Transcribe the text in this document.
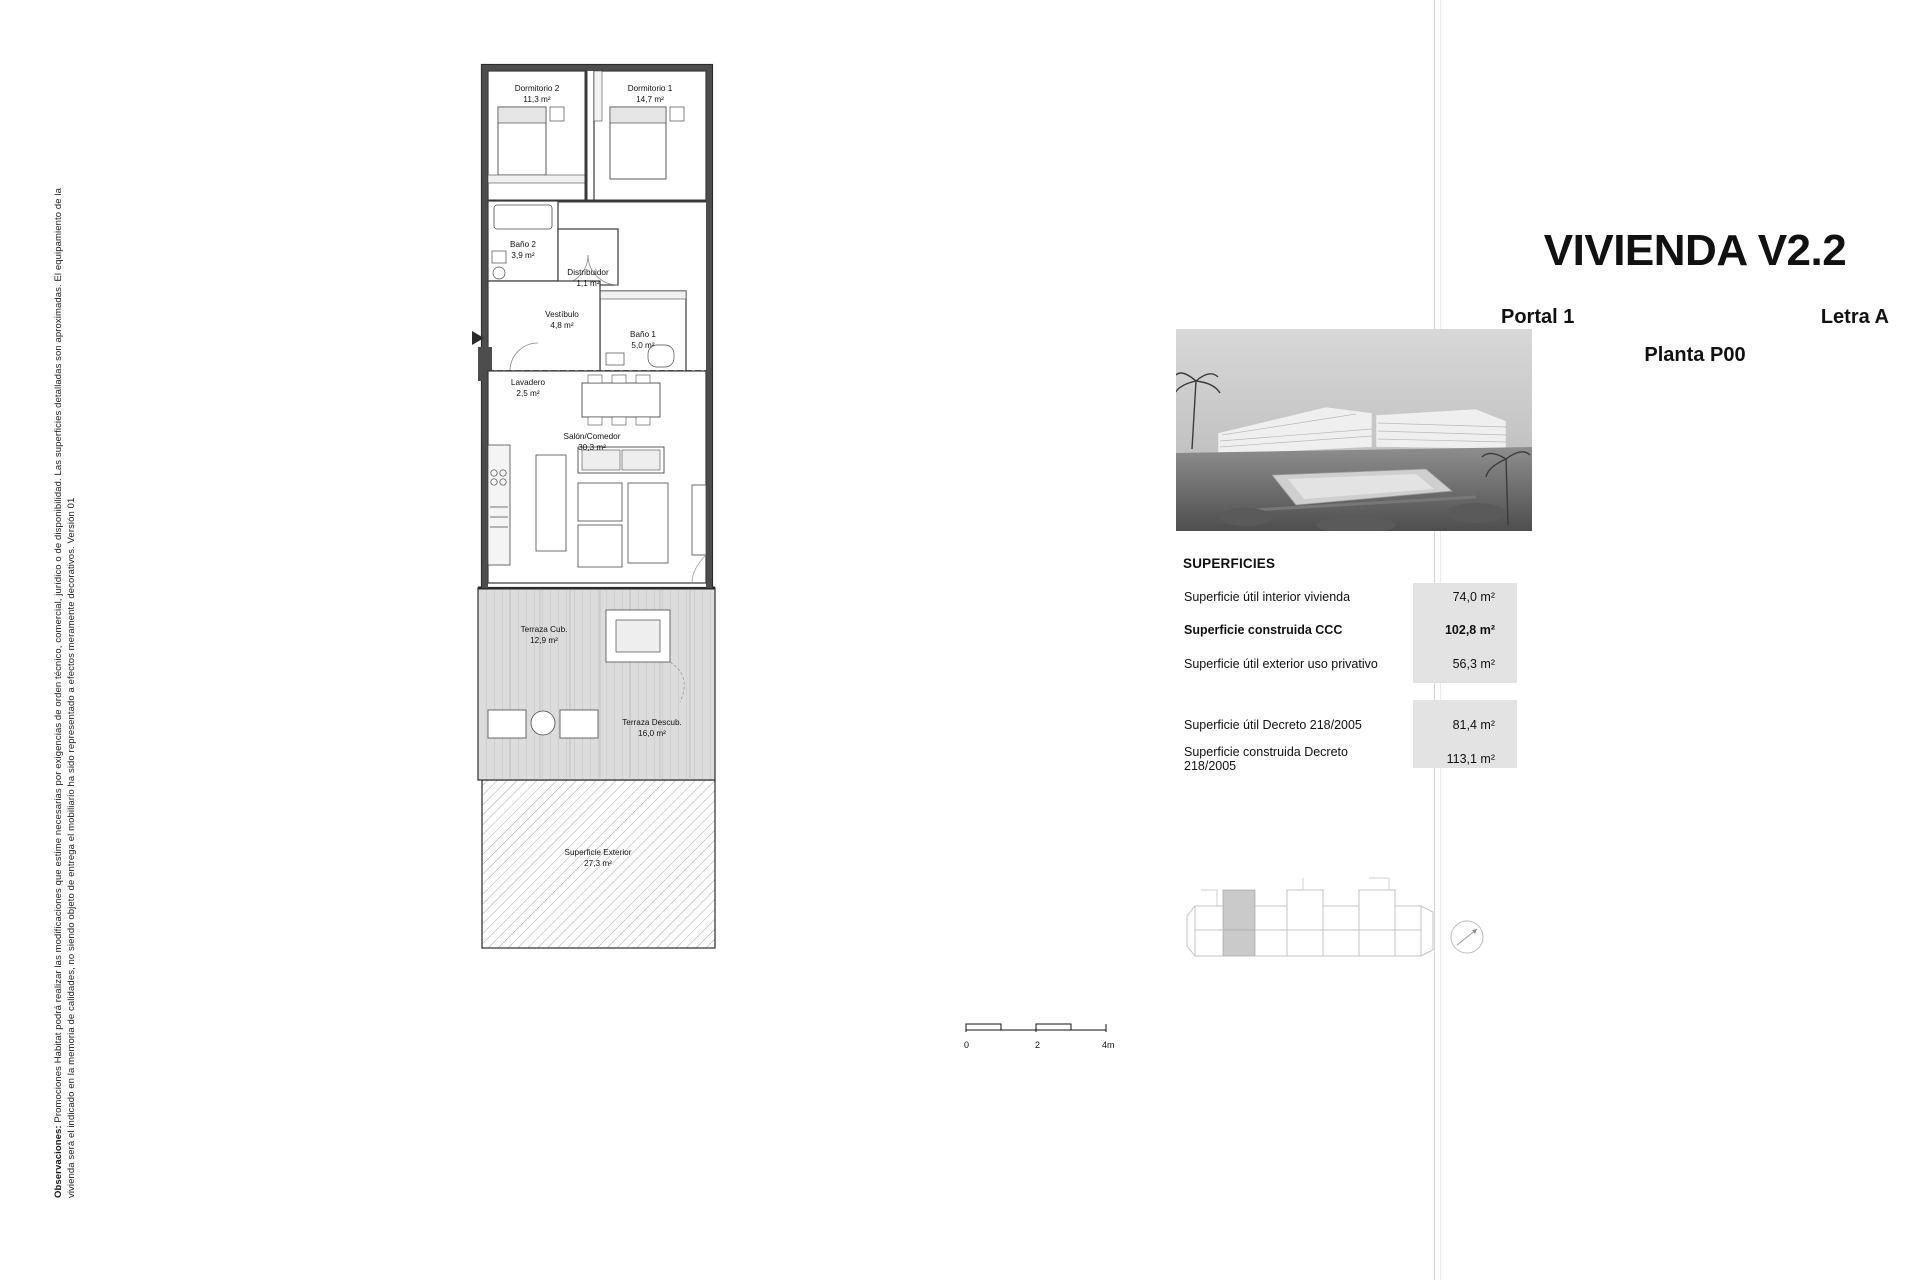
Observaciones: Promociones Habitat podrá realizar las modificaciones que estime necesarias por exigencias de orden técnico, comercial, jurídico o de disponibilidad. Las superficies detalladas son aproximadas. El equipamiento de la vivienda será el indicado en la memoria de calidades, no siendo objeto de entrega el mobiliario ha sido representado a efectos meramente decorativos. Versión 01
Dormitorio 2
11,3 m²
Dormitorio 1
14,7 m²
Baño 2
3,9 m²
Distribuidor
1,1 m²
Vestíbulo
4,8 m²
Baño 1
5,0 m²
Lavadero
2,5 m²
Salón/Comedor
30,3 m²
Terraza Cub.
12,9 m²
Terraza Descub.
16,0 m²
Superficie Exterior
27,3 m²
0	2	4m
VIVIENDA V2.2
Portal 1	Letra A
Planta P00
SUPERFICIES
Superficie útil interior vivienda	74,0 m²
Superficie construida CCC	102,8 m²
Superficie útil exterior uso privativo	56,3 m²
Superficie útil Decreto 218/2005	81,4 m²
Superficie construida Decreto 218/2005	113,1 m²
